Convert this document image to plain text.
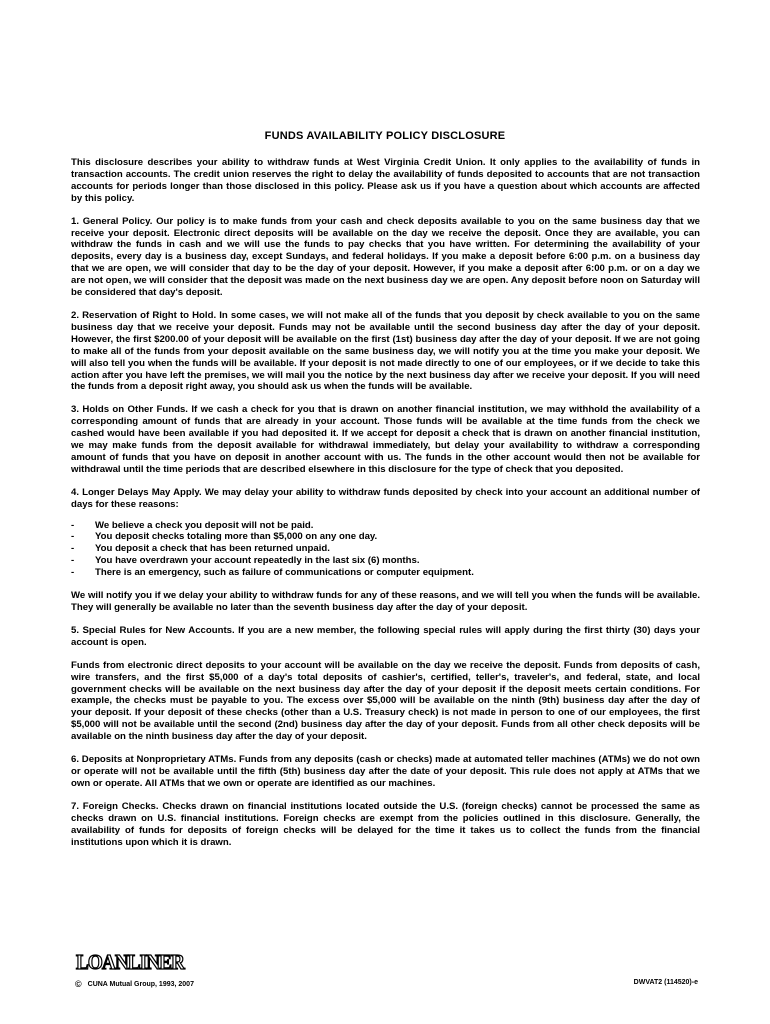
FUNDS AVAILABILITY POLICY DISCLOSURE

This disclosure describes your ability to withdraw funds at West Virginia Credit Union. It only applies to the availability of funds in transaction accounts. The credit union reserves the right to delay the availability of funds deposited to accounts that are not transaction accounts for periods longer than those disclosed in this policy. Please ask us if you have a question about which accounts are affected by this policy.

1. General Policy. Our policy is to make funds from your cash and check deposits available to you on the same business day that we receive your deposit. Electronic direct deposits will be available on the day we receive the deposit. Once they are available, you can withdraw the funds in cash and we will use the funds to pay checks that you have written. For determining the availability of your deposits, every day is a business day, except Sundays, and federal holidays. If you make a deposit before 6:00 p.m. on a business day that we are open, we will consider that day to be the day of your deposit. However, if you make a deposit after 6:00 p.m. or on a day we are not open, we will consider that the deposit was made on the next business day we are open. Any deposit before noon on Saturday will be considered that day's deposit.

2. Reservation of Right to Hold. In some cases, we will not make all of the funds that you deposit by check available to you on the same business day that we receive your deposit. Funds may not be available until the second business day after the day of your deposit. However, the first $200.00 of your deposit will be available on the first (1st) business day after the day of your deposit. If we are not going to make all of the funds from your deposit available on the same business day, we will notify you at the time you make your deposit. We will also tell you when the funds will be available. If your deposit is not made directly to one of our employees, or if we decide to take this action after you have left the premises, we will mail you the notice by the next business day after we receive your deposit. If you will need the funds from a deposit right away, you should ask us when the funds will be available.

3. Holds on Other Funds. If we cash a check for you that is drawn on another financial institution, we may withhold the availability of a corresponding amount of funds that are already in your account. Those funds will be available at the time funds from the check we cashed would have been available if you had deposited it. If we accept for deposit a check that is drawn on another financial institution, we may make funds from the deposit available for withdrawal immediately, but delay your availability to withdraw a corresponding amount of funds that you have on deposit in another account with us. The funds in the other account would then not be available for withdrawal until the time periods that are described elsewhere in this disclosure for the type of check that you deposited.

4. Longer Delays May Apply. We may delay your ability to withdraw funds deposited by check into your account an additional number of days for these reasons:

- We believe a check you deposit will not be paid.
- You deposit checks totaling more than $5,000 on any one day.
- You deposit a check that has been returned unpaid.
- You have overdrawn your account repeatedly in the last six (6) months.
- There is an emergency, such as failure of communications or computer equipment.

We will notify you if we delay your ability to withdraw funds for any of these reasons, and we will tell you when the funds will be available. They will generally be available no later than the seventh business day after the day of your deposit.

5. Special Rules for New Accounts. If you are a new member, the following special rules will apply during the first thirty (30) days your account is open.

Funds from electronic direct deposits to your account will be available on the day we receive the deposit. Funds from deposits of cash, wire transfers, and the first $5,000 of a day's total deposits of cashier's, certified, teller's, traveler's, and federal, state, and local government checks will be available on the next business day after the day of your deposit if the deposit meets certain conditions. For example, the checks must be payable to you. The excess over $5,000 will be available on the ninth (9th) business day after the day of your deposit. If your deposit of these checks (other than a U.S. Treasury check) is not made in person to one of our employees, the first $5,000 will not be available until the second (2nd) business day after the day of your deposit. Funds from all other check deposits will be available on the ninth business day after the day of your deposit.

6. Deposits at Nonproprietary ATMs. Funds from any deposits (cash or checks) made at automated teller machines (ATMs) we do not own or operate will not be available until the fifth (5th) business day after the date of your deposit. This rule does not apply at ATMs that we own or operate. All ATMs that we own or operate are identified as our machines.

7. Foreign Checks. Checks drawn on financial institutions located outside the U.S. (foreign checks) cannot be processed the same as checks drawn on U.S. financial institutions. Foreign checks are exempt from the policies outlined in this disclosure. Generally, the availability of funds for deposits of foreign checks will be delayed for the time it takes us to collect the funds from the financial institutions upon which it is drawn.

LOANLINER
© CUNA Mutual Group, 1993, 2007	DWVAT2 (114520)-e
